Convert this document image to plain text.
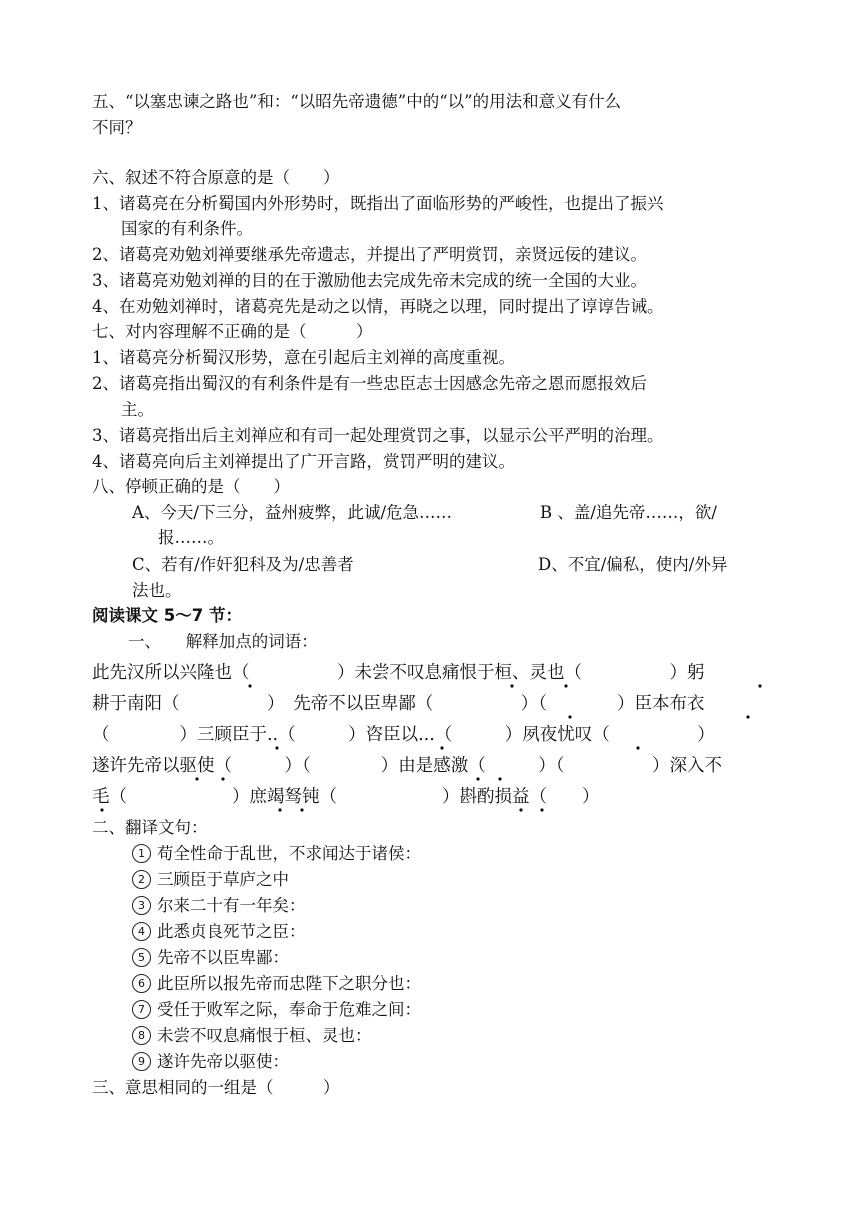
五、“以塞忠谏之路也”和：“以昭先帝遗德”中的“以”的用法和意义有什么
不同？
六、叙述不符合原意的是（　　）
1、诸葛亮在分析蜀国内外形势时，既指出了面临形势的严峻性，也提出了振兴
国家的有利条件。
2、诸葛亮劝勉刘禅要继承先帝遗志，并提出了严明赏罚，亲贤远佞的建议。
3、诸葛亮劝勉刘禅的目的在于激励他去完成先帝未完成的统一全国的大业。
4、在劝勉刘禅时，诸葛亮先是动之以情，再晓之以理，同时提出了谆谆告诫。
七、对内容理解不正确的是（　　　）
1、诸葛亮分析蜀汉形势，意在引起后主刘禅的高度重视。
2、诸葛亮指出蜀汉的有利条件是有一些忠臣志士因感念先帝之恩而愿报效后
主。
3、诸葛亮指出后主刘禅应和有司一起处理赏罚之事，以显示公平严明的治理。
4、诸葛亮向后主刘禅提出了广开言路，赏罚严明的建议。
八、停顿正确的是（　　）
A、今天/下三分，益州疲弊，此诚/危急……	B 、盖/追先帝……，欲/
报……。
C、若有/作奸犯科及为/忠善者	D、不宜/偏私，使内/外异
法也。
阅读课文 5～7 节：
一、　　解释加点的词语：
此先汉所以兴隆也（　　　　　）未尝不叹息痛恨于桓、灵也（　　　　　）躬
耕于南阳（　　　　　）　先帝不以臣卑鄙（　　　　　）（　　　　）臣本布衣
（　　　　）三顾臣于..（　　　）咨臣以...（　　　）夙夜忧叹（　　　　　）
遂许先帝以驱使（　　　）（　　　　）由是感激（　　　）（　　　　　）深入不
毛（　　　　　　）庶竭驽钝（　　　　　　）斟酌损益（　　）
二、翻译文句：
1 苟全性命于乱世，不求闻达于诸侯：
2 三顾臣于草庐之中
3 尔来二十有一年矣：
4 此悉贞良死节之臣：
5 先帝不以臣卑鄙：
6 此臣所以报先帝而忠陛下之职分也：
7 受任于败军之际，奉命于危难之间：
8 未尝不叹息痛恨于桓、灵也：
9 遂许先帝以驱使：
三、意思相同的一组是（　　　）
